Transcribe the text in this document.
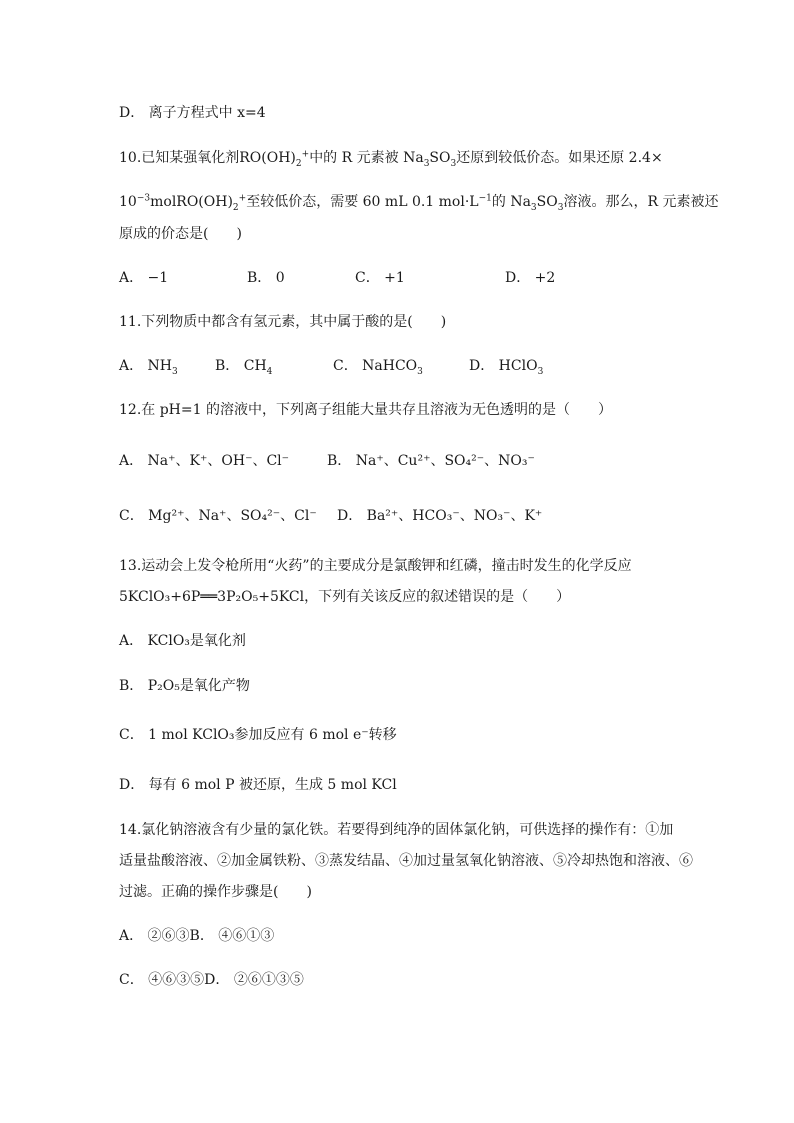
D． 离子方程式中 x=4
10.已知某强氧化剂$RO(OH)_2^+$中的 R 元素被 $Na_3SO_3$还原到较低价态。如果还原 2.4×
$10^{-3}molRO(OH)_2^+$至较低价态，需要 60 mL 0.1 $mol\cdot L^{-1}$的 $Na_3SO_3$溶液。那么，R 元素被还
原成的价态是(　　)
A． −1	B． 0	C． +1	D． +2
11.下列物质中都含有氢元素，其中属于酸的是(　　)
A． $NH_3$	B． $CH_4$	C． NaHCO$_3$	D． HClO$_3$
12.在 pH=1 的溶液中，下列离子组能大量共存且溶液为无色透明的是（　　）
A． Na⁺、K⁺、OH⁻、Cl⁻	B． Na⁺、Cu²⁺、SO₄²⁻、NO₃⁻
C． Mg²⁺、Na⁺、SO₄²⁻、Cl⁻ D． Ba²⁺、HCO₃⁻、NO₃⁻、K⁺
13.运动会上发令枪所用“火药”的主要成分是氯酸钾和红磷，撞击时发生的化学反应
5KClO₃+6P══3P₂O₅+5KCl，下列有关该反应的叙述错误的是（　　）
A． KClO₃是氧化剂
B． P₂O₅是氧化产物
C． 1 mol KClO₃参加反应有 6 mol e⁻转移
D． 每有 6 mol P 被还原，生成 5 mol KCl
14.氯化钠溶液含有少量的氯化铁。若要得到纯净的固体氯化钠，可供选择的操作有：①加
适量盐酸溶液、②加金属铁粉、③蒸发结晶、④加过量氢氧化钠溶液、⑤冷却热饱和溶液、⑥
过滤。正确的操作步骤是(　　)
A． ②⑥③B． ④⑥①③
C． ④⑥③⑤D． ②⑥①③⑤
